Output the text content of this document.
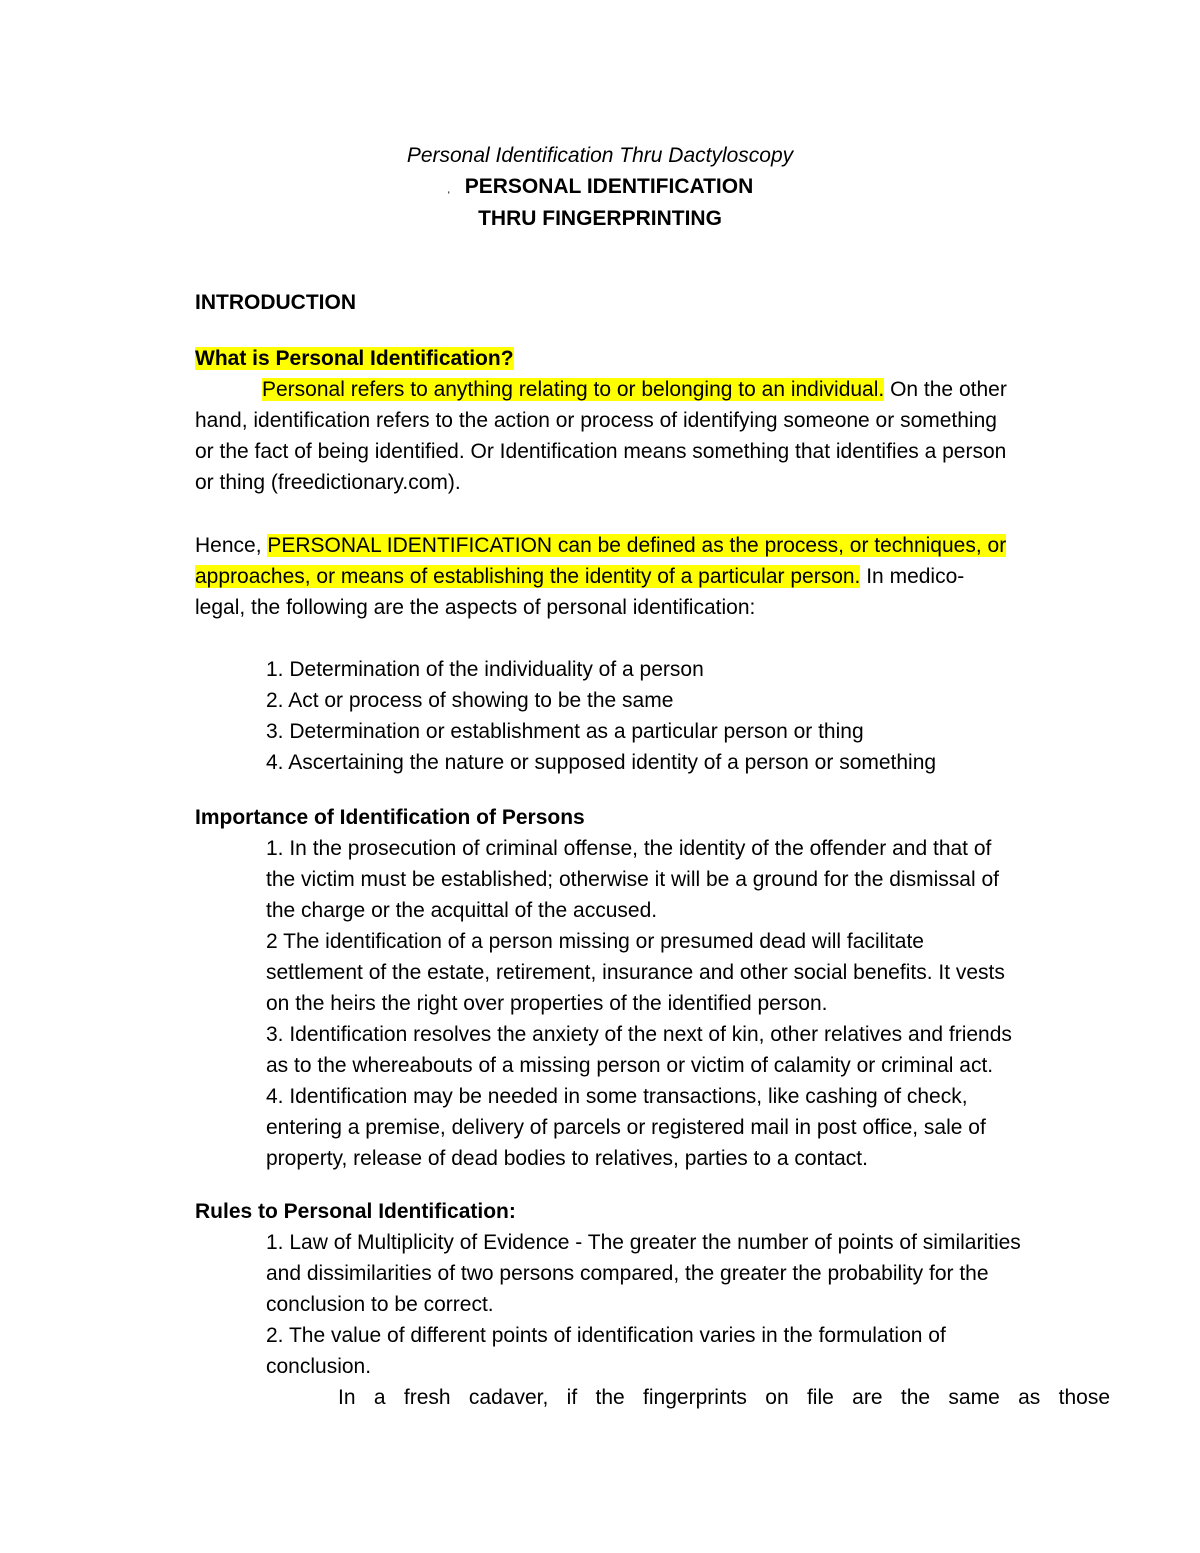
Personal Identification Thru Dactyloscopy
ˌ PERSONAL IDENTIFICATION
THRU FINGERPRINTING
INTRODUCTION
What is Personal Identification?
Personal refers to anything relating to or belonging to an individual. On the other
hand, identification refers to the action or process of identifying someone or something
or the fact of being identified. Or Identification means something that identifies a person
or thing (freedictionary.com).
Hence, PERSONAL IDENTIFICATION can be defined as the process, or techniques, or
approaches, or means of establishing the identity of a particular person. In medico-
legal, the following are the aspects of personal identification:
1. Determination of the individuality of a person
2. Act or process of showing to be the same
3. Determination or establishment as a particular person or thing
4. Ascertaining the nature or supposed identity of a person or something
Importance of Identification of Persons
1. In the prosecution of criminal offense, the identity of the offender and that of
the victim must be established; otherwise it will be a ground for the dismissal of
the charge or the acquittal of the accused.
2 The identification of a person missing or presumed dead will facilitate
settlement of the estate, retirement, insurance and other social benefits. It vests
on the heirs the right over properties of the identified person.
3. Identification resolves the anxiety of the next of kin, other relatives and friends
as to the whereabouts of a missing person or victim of calamity or criminal act.
4. Identification may be needed in some transactions, like cashing of check,
entering a premise, delivery of parcels or registered mail in post office, sale of
property, release of dead bodies to relatives, parties to a contact.
Rules to Personal Identification:
1. Law of Multiplicity of Evidence - The greater the number of points of similarities
and dissimilarities of two persons compared, the greater the probability for the
conclusion to be correct.
2. The value of different points of identification varies in the formulation of
conclusion.
In a fresh cadaver, if the fingerprints on file are the same as those
